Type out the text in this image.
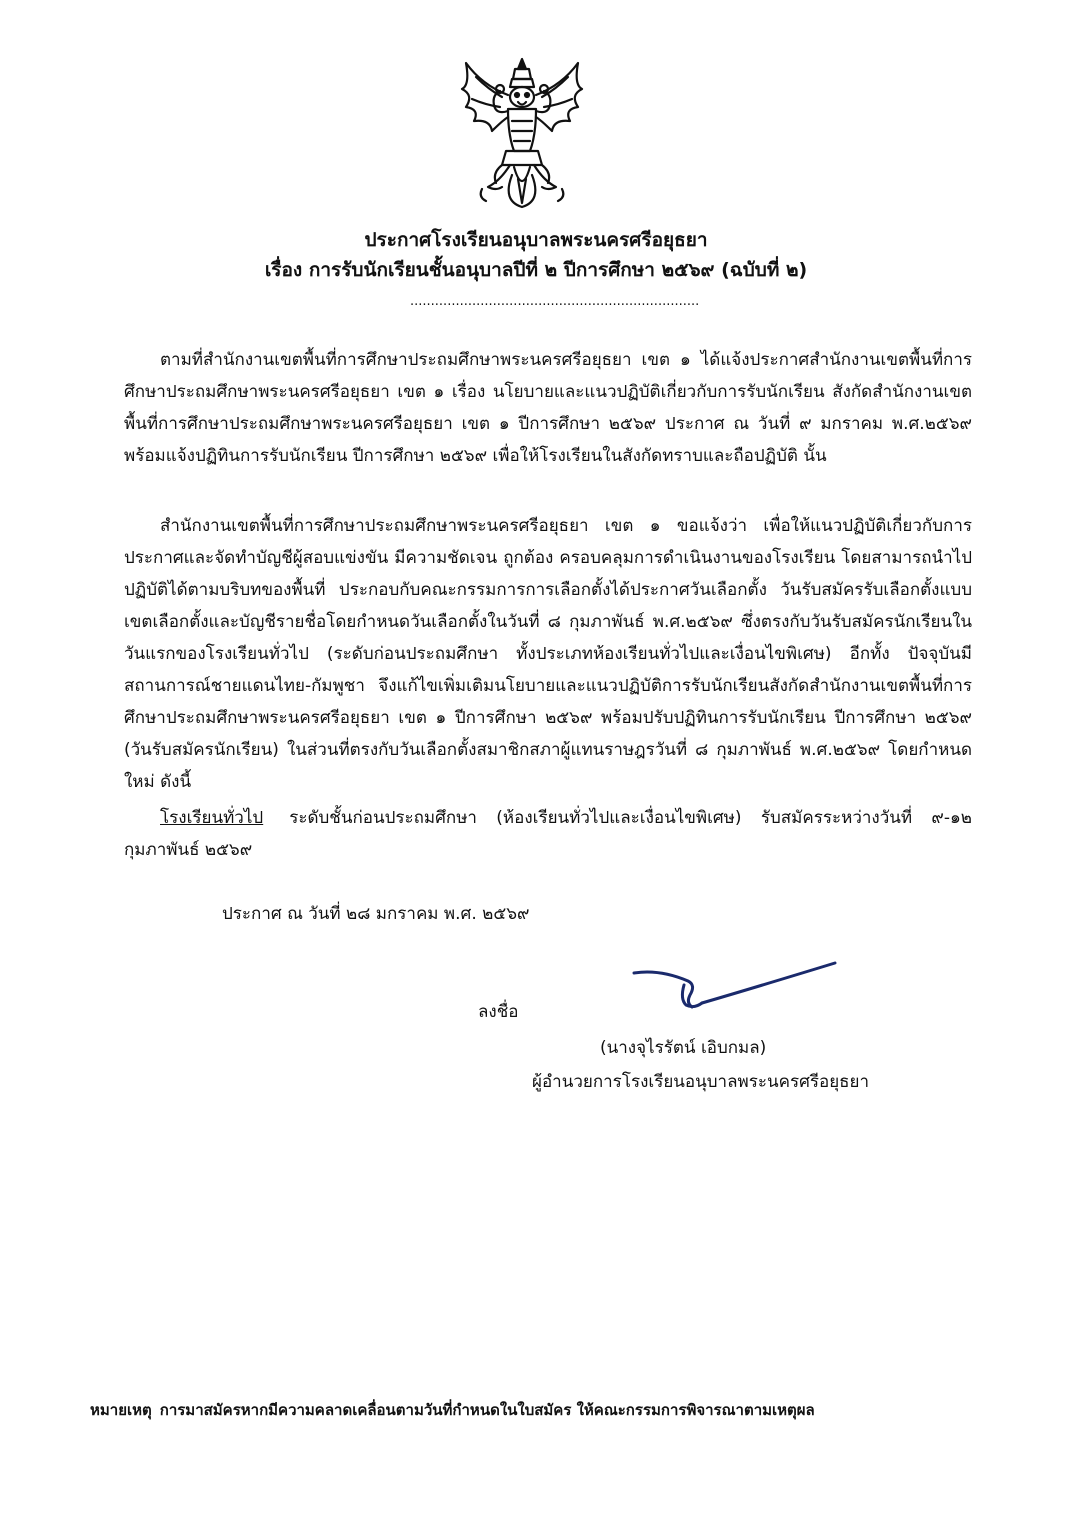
ประกาศโรงเรียนอนุบาลพระนครศรีอยุธยา
เรื่อง การรับนักเรียนชั้นอนุบาลปีที่ ๒ ปีการศึกษา ๒๕๖๙ (ฉบับที่ ๒)
......................................................................

ตามที่สำนักงานเขตพื้นที่การศึกษาประถมศึกษาพระนครศรีอยุธยา เขต ๑ ได้แจ้งประกาศสำนักงานเขตพื้นที่การศึกษาประถมศึกษาพระนครศรีอยุธยา เขต ๑ เรื่อง นโยบายและแนวปฏิบัติเกี่ยวกับการรับนักเรียน สังกัดสำนักงานเขตพื้นที่การศึกษาประถมศึกษาพระนครศรีอยุธยา เขต ๑ ปีการศึกษา ๒๕๖๙ ประกาศ ณ วันที่ ๙ มกราคม พ.ศ.๒๕๖๙ พร้อมแจ้งปฏิทินการรับนักเรียน ปีการศึกษา ๒๕๖๙ เพื่อให้โรงเรียนในสังกัดทราบและถือปฏิบัติ นั้น

สำนักงานเขตพื้นที่การศึกษาประถมศึกษาพระนครศรีอยุธยา เขต ๑ ขอแจ้งว่า เพื่อให้แนวปฏิบัติเกี่ยวกับการประกาศและจัดทำบัญชีผู้สอบแข่งขัน มีความชัดเจน ถูกต้อง ครอบคลุมการดำเนินงานของโรงเรียน โดยสามารถนำไปปฏิบัติได้ตามบริบทของพื้นที่ ประกอบกับคณะกรรมการการเลือกตั้งได้ประกาศวันเลือกตั้ง วันรับสมัครรับเลือกตั้งแบบเขตเลือกตั้งและบัญชีรายชื่อโดยกำหนดวันเลือกตั้งในวันที่ ๘ กุมภาพันธ์ พ.ศ.๒๕๖๙ ซึ่งตรงกับวันรับสมัครนักเรียนในวันแรกของโรงเรียนทั่วไป (ระดับก่อนประถมศึกษา ทั้งประเภทห้องเรียนทั่วไปและเงื่อนไขพิเศษ) อีกทั้ง ปัจจุบันมีสถานการณ์ชายแดนไทย-กัมพูชา จึงแก้ไขเพิ่มเติมนโยบายและแนวปฏิบัติการรับนักเรียนสังกัดสำนักงานเขตพื้นที่การศึกษาประถมศึกษาพระนครศรีอยุธยา เขต ๑ ปีการศึกษา ๒๕๖๙ พร้อมปรับปฏิทินการรับนักเรียน ปีการศึกษา ๒๕๖๙ (วันรับสมัครนักเรียน) ในส่วนที่ตรงกับวันเลือกตั้งสมาชิกสภาผู้แทนราษฎรวันที่ ๘ กุมภาพันธ์ พ.ศ.๒๕๖๙ โดยกำหนดใหม่ ดังนี้

โรงเรียนทั่วไป ระดับชั้นก่อนประถมศึกษา (ห้องเรียนทั่วไปและเงื่อนไขพิเศษ) รับสมัครระหว่างวันที่ ๙-๑๒ กุมภาพันธ์ ๒๕๖๙

ประกาศ ณ วันที่ ๒๘ มกราคม พ.ศ. ๒๕๖๙
ลงชื่อ
(นางจุไรรัตน์ เอิบกมล)
ผู้อำนวยการโรงเรียนอนุบาลพระนครศรีอยุธยา
หมายเหตุ การมาสมัครหากมีความคลาดเคลื่อนตามวันที่กำหนดในใบสมัคร ให้คณะกรรมการพิจารณาตามเหตุผล
